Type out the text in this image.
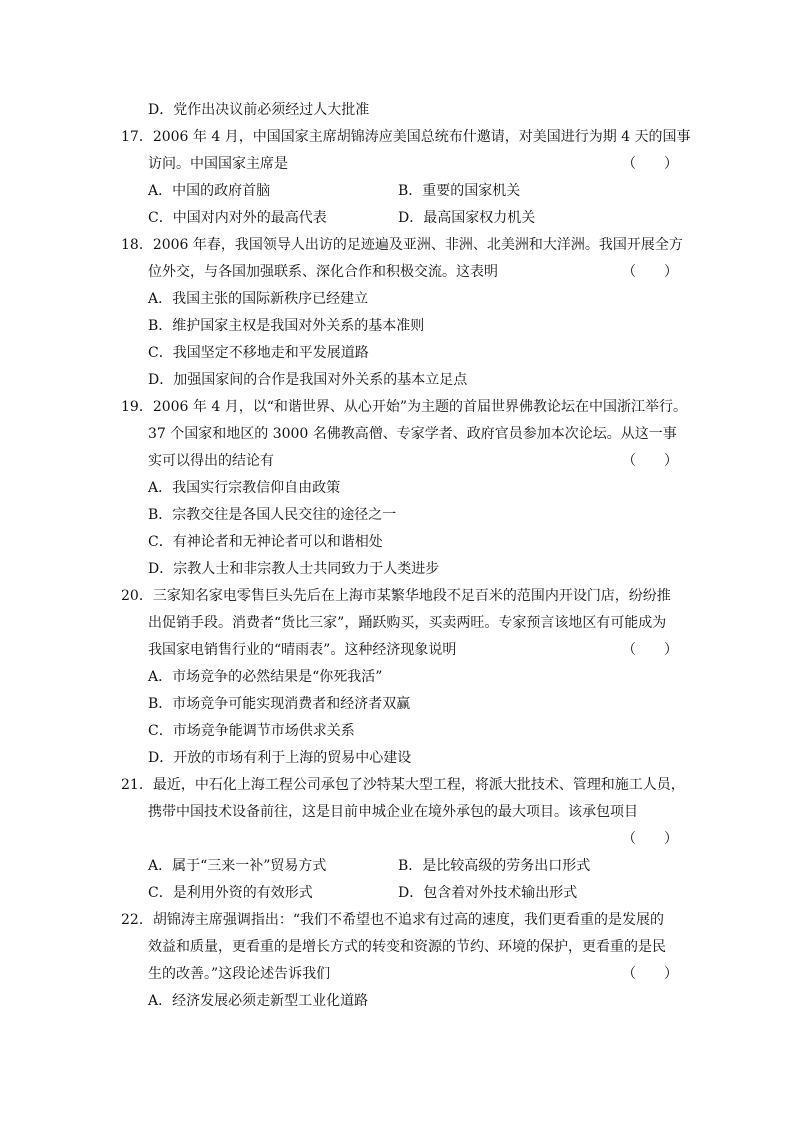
D．党作出决议前必须经过人大批准
17．2006 年 4 月，中国国家主席胡锦涛应美国总统布什邀请，对美国进行为期 4 天的国事
访问。中国国家主席是	（　　）
A．中国的政府首脑	B．重要的国家机关
C．中国对内对外的最高代表	D．最高国家权力机关
18．2006 年春，我国领导人出访的足迹遍及亚洲、非洲、北美洲和大洋洲。我国开展全方
位外交，与各国加强联系、深化合作和积极交流。这表明	（　　）
A．我国主张的国际新秩序已经建立
B．维护国家主权是我国对外关系的基本准则
C．我国坚定不移地走和平发展道路
D．加强国家间的合作是我国对外关系的基本立足点
19．2006 年 4 月，以“和谐世界、从心开始”为主题的首届世界佛教论坛在中国浙江举行。
37 个国家和地区的 3000 名佛教高僧、专家学者、政府官员参加本次论坛。从这一事
实可以得出的结论有	（　　）
A．我国实行宗教信仰自由政策
B．宗教交往是各国人民交往的途径之一
C．有神论者和无神论者可以和谐相处
D．宗教人士和非宗教人士共同致力于人类进步
20．三家知名家电零售巨头先后在上海市某繁华地段不足百米的范围内开设门店，纷纷推
出促销手段。消费者“货比三家”，踊跃购买，买卖两旺。专家预言该地区有可能成为
我国家电销售行业的“晴雨表”。这种经济现象说明	（　　）
A．市场竞争的必然结果是“你死我活”
B．市场竞争可能实现消费者和经济者双赢
C．市场竞争能调节市场供求关系
D．开放的市场有利于上海的贸易中心建设
21．最近，中石化上海工程公司承包了沙特某大型工程，将派大批技术、管理和施工人员，
携带中国技术设备前往，这是目前申城企业在境外承包的最大项目。该承包项目
（　　）
A．属于“三来一补”贸易方式	B．是比较高级的劳务出口形式
C．是利用外资的有效形式	D．包含着对外技术输出形式
22．胡锦涛主席强调指出：“我们不希望也不追求有过高的速度，我们更看重的是发展的
效益和质量，更看重的是增长方式的转变和资源的节约、环境的保护，更看重的是民
生的改善。”这段论述告诉我们	（　　）
A．经济发展必须走新型工业化道路
